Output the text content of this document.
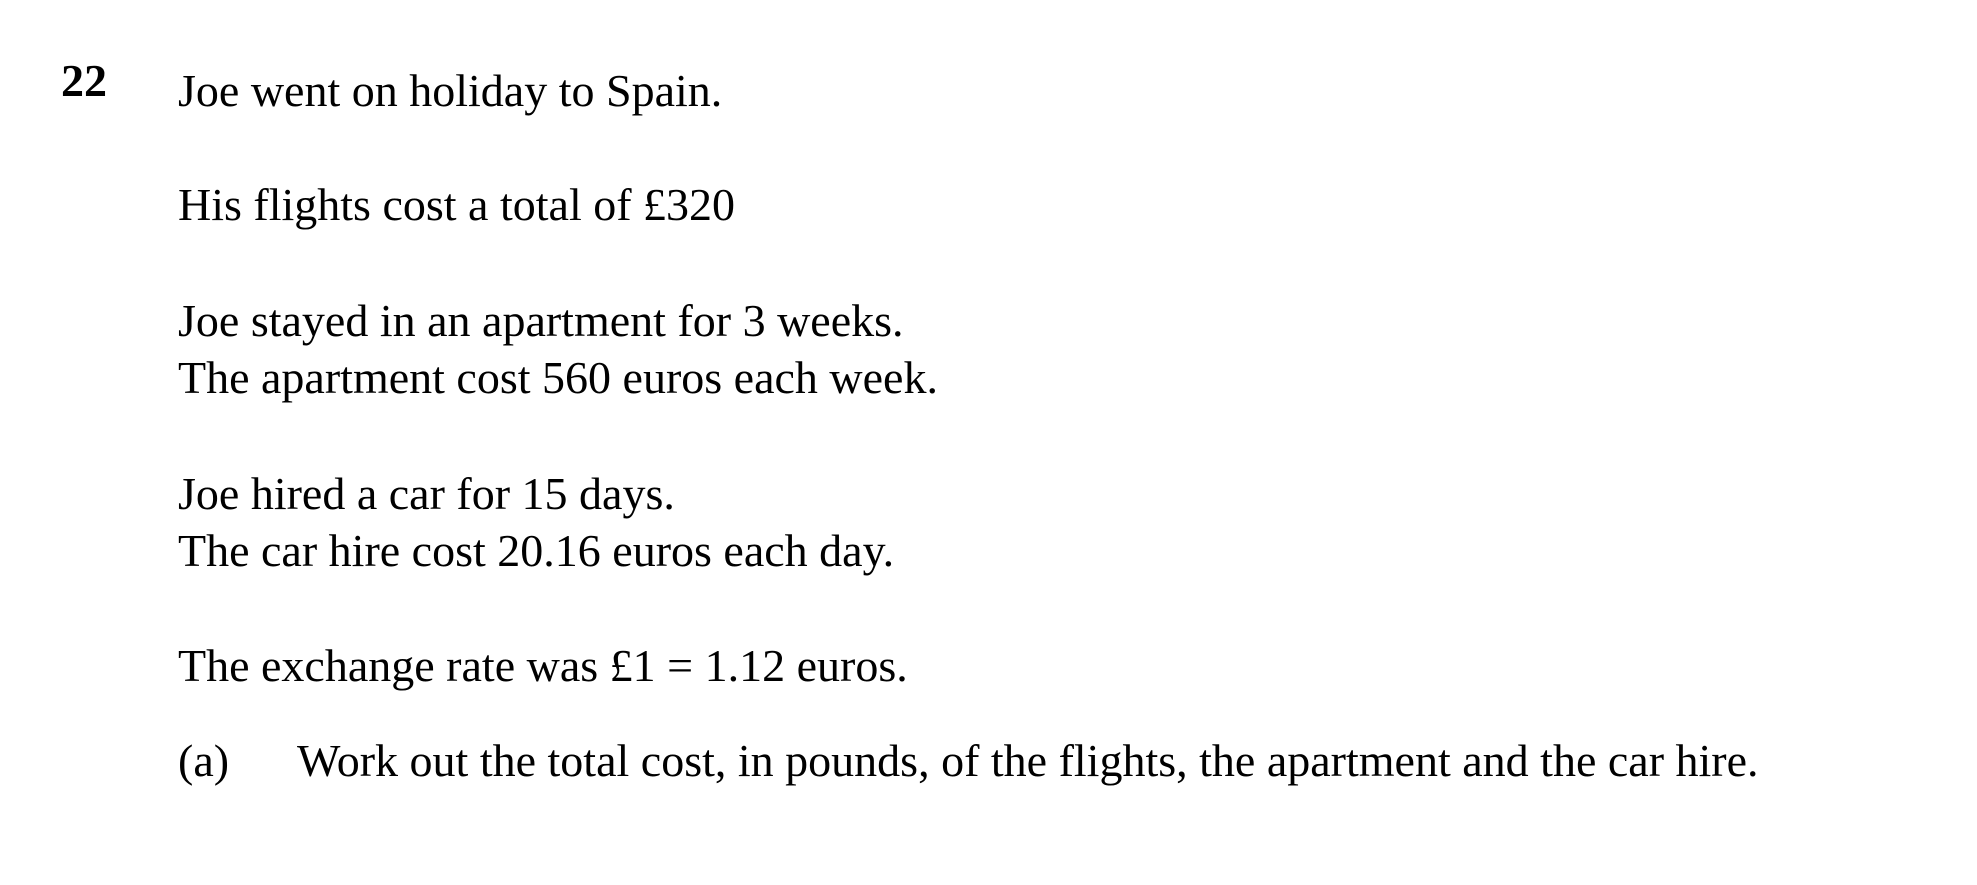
22 Joe went on holiday to Spain.
His flights cost a total of £320
Joe stayed in an apartment for 3 weeks.
The apartment cost 560 euros each week.
Joe hired a car for 15 days.
The car hire cost 20.16 euros each day.
The exchange rate was £1 = 1.12 euros.
(a) Work out the total cost, in pounds, of the flights, the apartment and the car hire.
